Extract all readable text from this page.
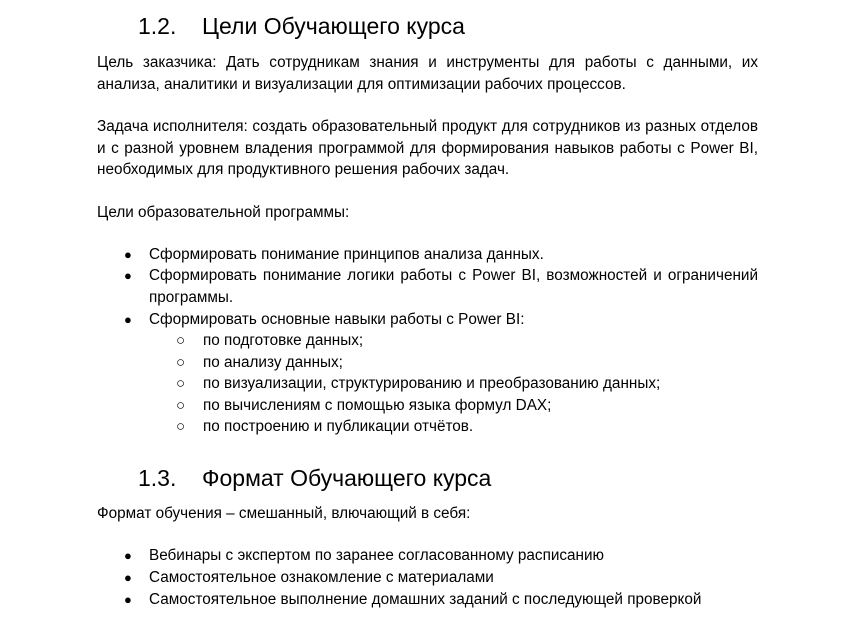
1.2. Цели Обучающего курса
Цель заказчика: Дать сотрудникам знания и инструменты для работы с данными, их анализа, аналитики и визуализации для оптимизации рабочих процессов.
Задача исполнителя: создать образовательный продукт для сотрудников из разных отделов и с разной уровнем владения программой для формирования навыков работы с Power BI, необходимых для продуктивного решения рабочих задач.
Цели образовательной программы:
● Сформировать понимание принципов анализа данных.
● Сформировать понимание логики работы с Power BI, возможностей и ограничений программы.
● Сформировать основные навыки работы с Power BI:
○ по подготовке данных;
○ по анализу данных;
○ по визуализации, структурированию и преобразованию данных;
○ по вычислениям с помощью языка формул DAX;
○ по построению и публикации отчётов.
1.3. Формат Обучающего курса
Формат обучения – смешанный, влючающий в себя:
● Вебинары с экспертом по заранее согласованному расписанию
● Самостоятельное ознакомление с материалами
● Самостоятельное выполнение домашних заданий с последующей проверкой
